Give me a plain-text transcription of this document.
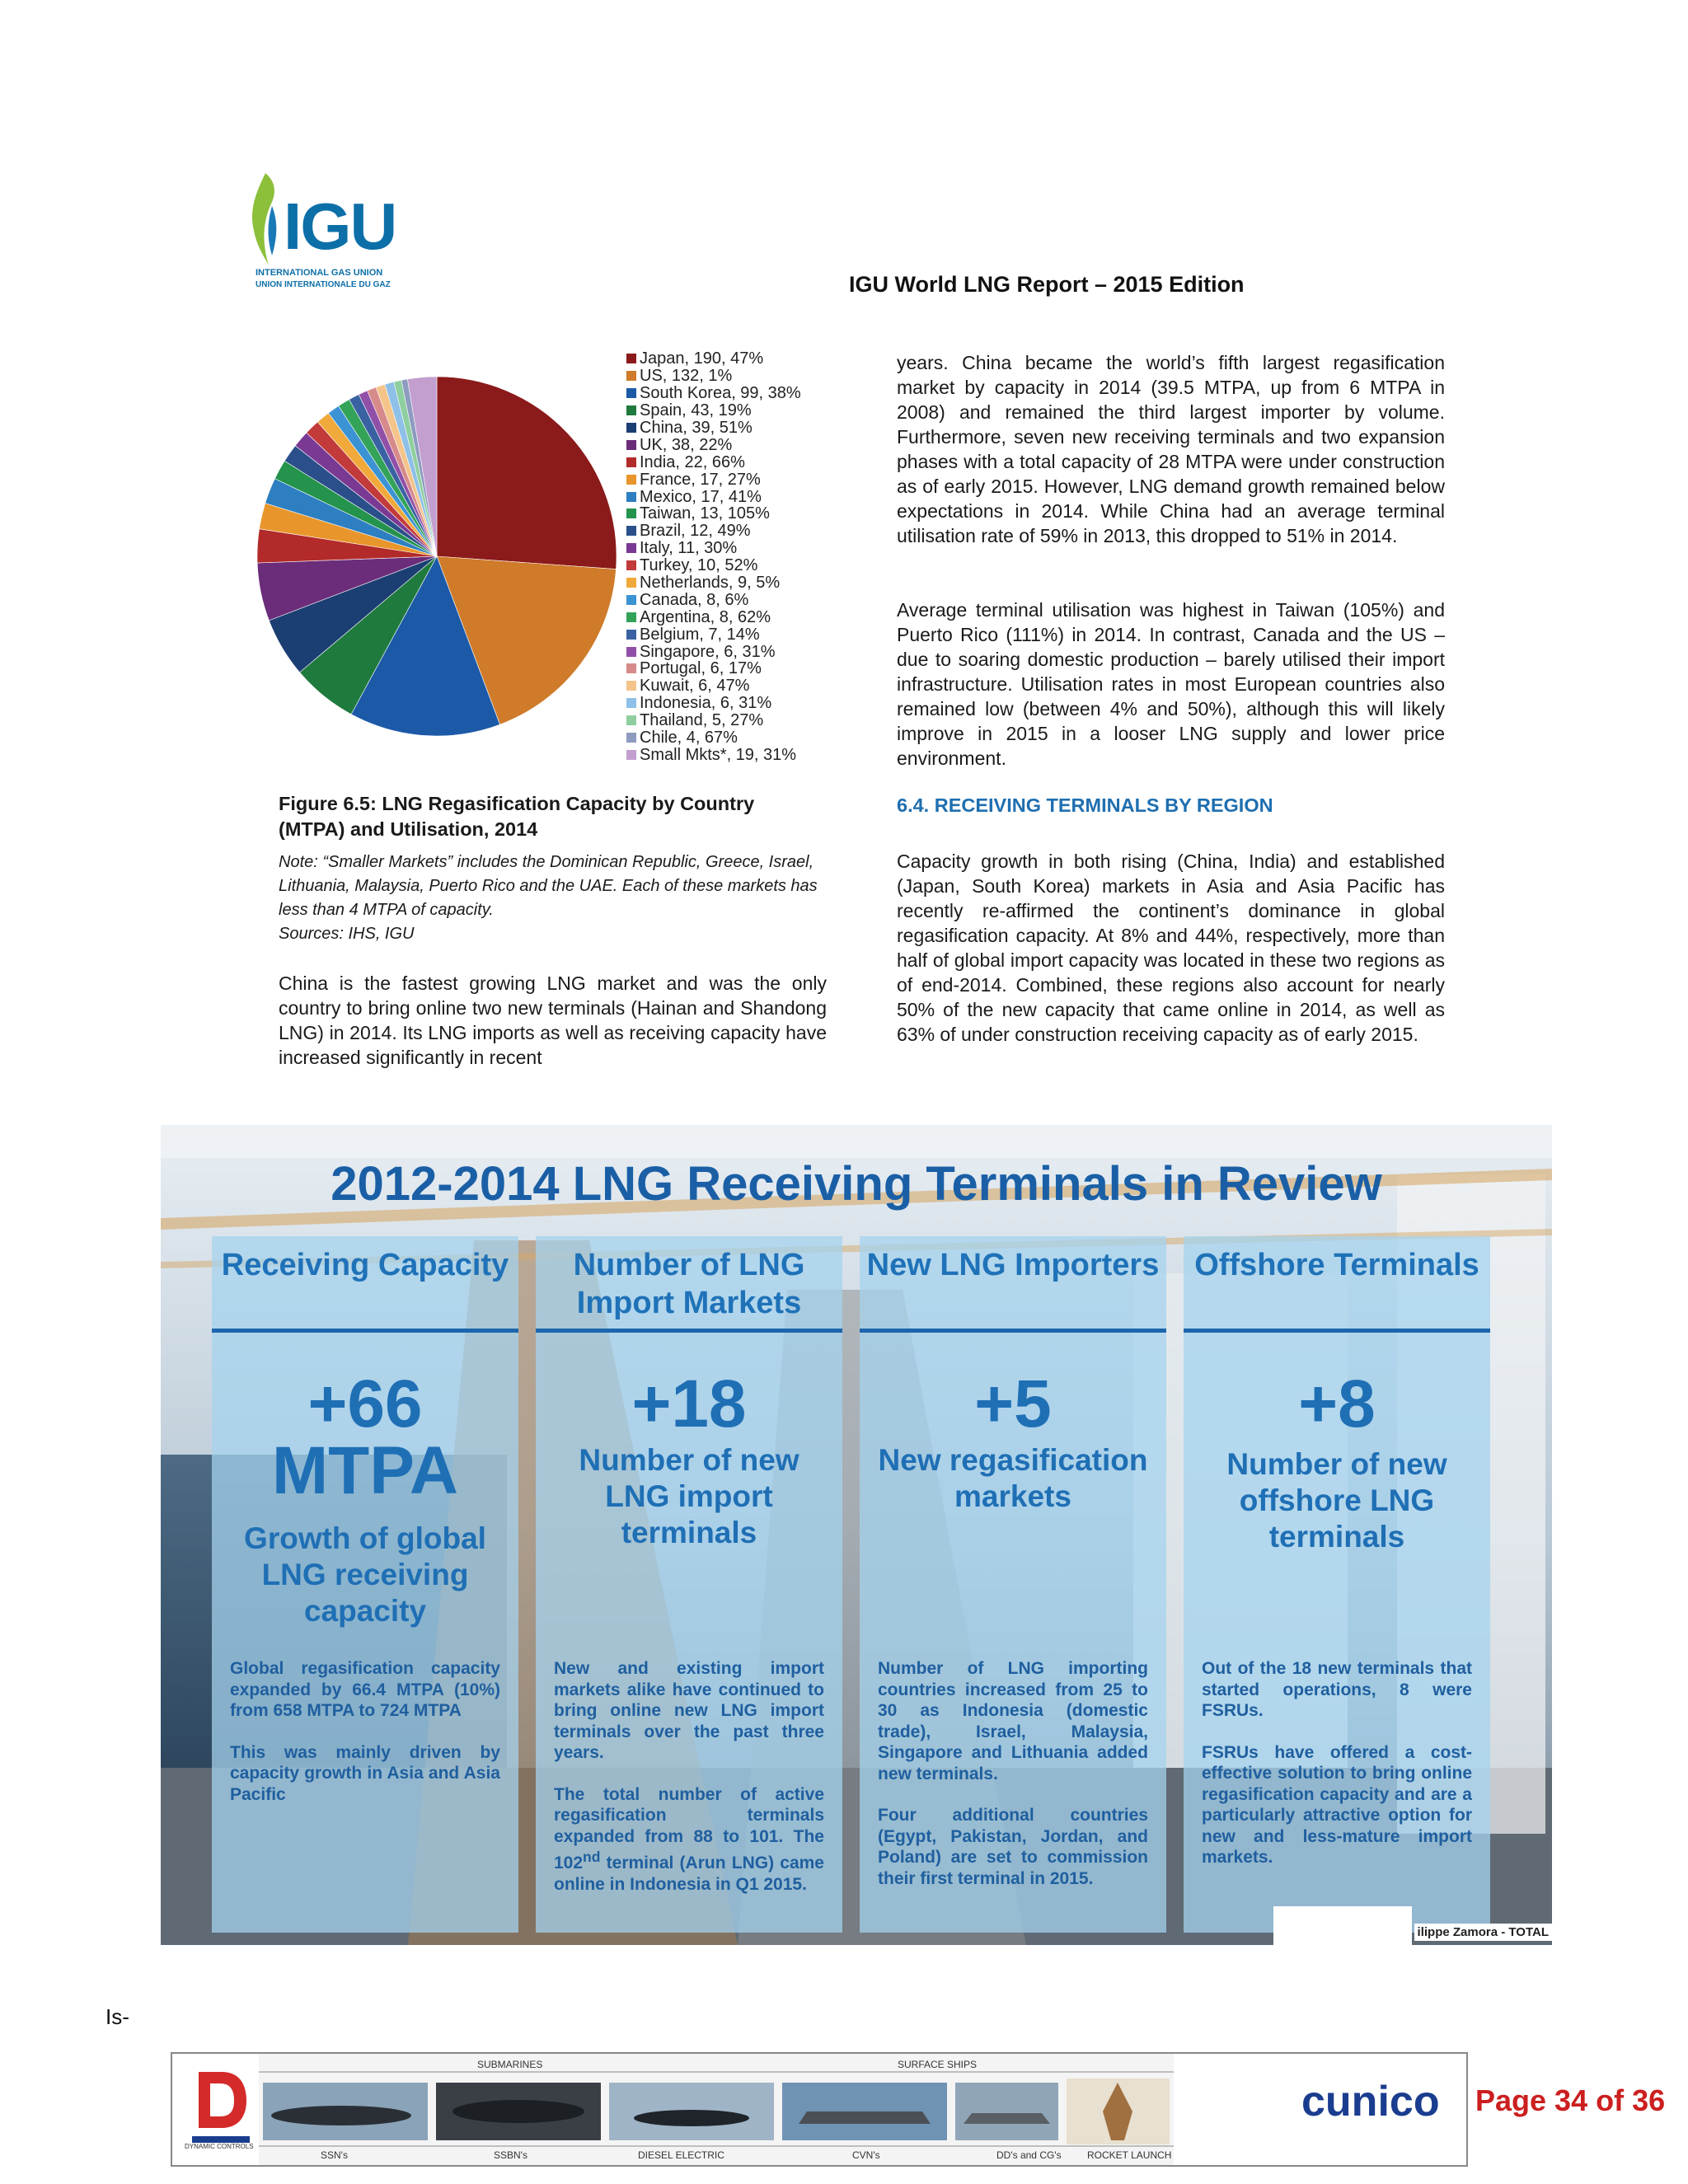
IGU
INTERNATIONAL GAS UNION
UNION INTERNATIONALE DU GAZ	IGU World LNG Report – 2015 Edition
Japan, 190, 47%
US, 132, 1%
South Korea, 99, 38%
Spain, 43, 19%
China, 39, 51%
UK, 38, 22%
India, 22, 66%
France, 17, 27%
Mexico, 17, 41%
Taiwan, 13, 105%
Brazil, 12, 49%
Italy, 11, 30%
Turkey, 10, 52%
Netherlands, 9, 5%
Canada, 8, 6%
Argentina, 8, 62%
Belgium, 7, 14%
Singapore, 6, 31%
Portugal, 6, 17%
Kuwait, 6, 47%
Indonesia, 6, 31%
Thailand, 5, 27%
Chile, 4, 67%
Small Mkts*, 19, 31%
Figure 6.5: LNG Regasification Capacity by Country (MTPA) and Utilisation, 2014
Note: “Smaller Markets” includes the Dominican Republic, Greece, Israel, Lithuania, Malaysia, Puerto Rico and the UAE. Each of these markets has less than 4 MTPA of capacity.
Sources: IHS, IGU
China is the fastest growing LNG market and was the only country to bring online two new terminals (Hainan and Shandong LNG) in 2014. Its LNG imports as well as receiving capacity have increased significantly in recent
years. China became the world’s fifth largest regasification market by capacity in 2014 (39.5 MTPA, up from 6 MTPA in 2008) and remained the third largest importer by volume. Furthermore, seven new receiving terminals and two expansion phases with a total capacity of 28 MTPA were under construction as of early 2015. However, LNG demand growth remained below expectations in 2014. While China had an average terminal utilisation rate of 59% in 2013, this dropped to 51% in 2014.
Average terminal utilisation was highest in Taiwan (105%) and Puerto Rico (111%) in 2014. In contrast, Canada and the US – due to soaring domestic production – barely utilised their import infrastructure. Utilisation rates in most European countries also remained low (between 4% and 50%), although this will likely improve in 2015 in a looser LNG supply and lower price environment.
6.4. RECEIVING TERMINALS BY REGION
Capacity growth in both rising (China, India) and established (Japan, South Korea) markets in Asia and Asia Pacific has recently re-affirmed the continent’s dominance in global regasification capacity. At 8% and 44%, respectively, more than half of global import capacity was located in these two regions as of end-2014. Combined, these regions also account for nearly 50% of the new capacity that came online in 2014, as well as 63% of under construction receiving capacity as of early 2015.
2012-2014 LNG Receiving Terminals in Review
Receiving Capacity
+66
MTPA
Growth of global LNG receiving capacity

Global regasification capacity expanded by 66.4 MTPA (10%) from 658 MTPA to 724 MTPA

This was mainly driven by capacity growth in Asia and Asia Pacific

Number of LNG Import Markets
+18
Number of new LNG import terminals

New and existing import markets alike have continued to bring online new LNG import terminals over the past three years.

The total number of active regasification terminals expanded from 88 to 101. The 102nd terminal (Arun LNG) came online in Indonesia in Q1 2015.

New LNG Importers
+5
New regasification markets

Number of LNG importing countries increased from 25 to 30 as Indonesia (domestic trade), Israel, Malaysia, Singapore and Lithuania added new terminals.

Four additional countries (Egypt, Pakistan, Jordan, and Poland) are set to commission their first terminal in 2015.

Offshore Terminals
+8
Number of new offshore LNG terminals

Out of the 18 new terminals that started operations, 8 were FSRUs.

FSRUs have offered a cost-effective solution to bring online regasification capacity and are a particularly attractive option for new and less-mature import markets.

ilippe Zamora - TOTAL
Is-
DYNAMIC CONTROLS
SUBMARINES	SURFACE SHIPS
SSN's	SSBN's	DIESEL ELECTRIC	CVN's	DD's and CG's	ROCKET LAUNCH
cunico Page 34 of 36
